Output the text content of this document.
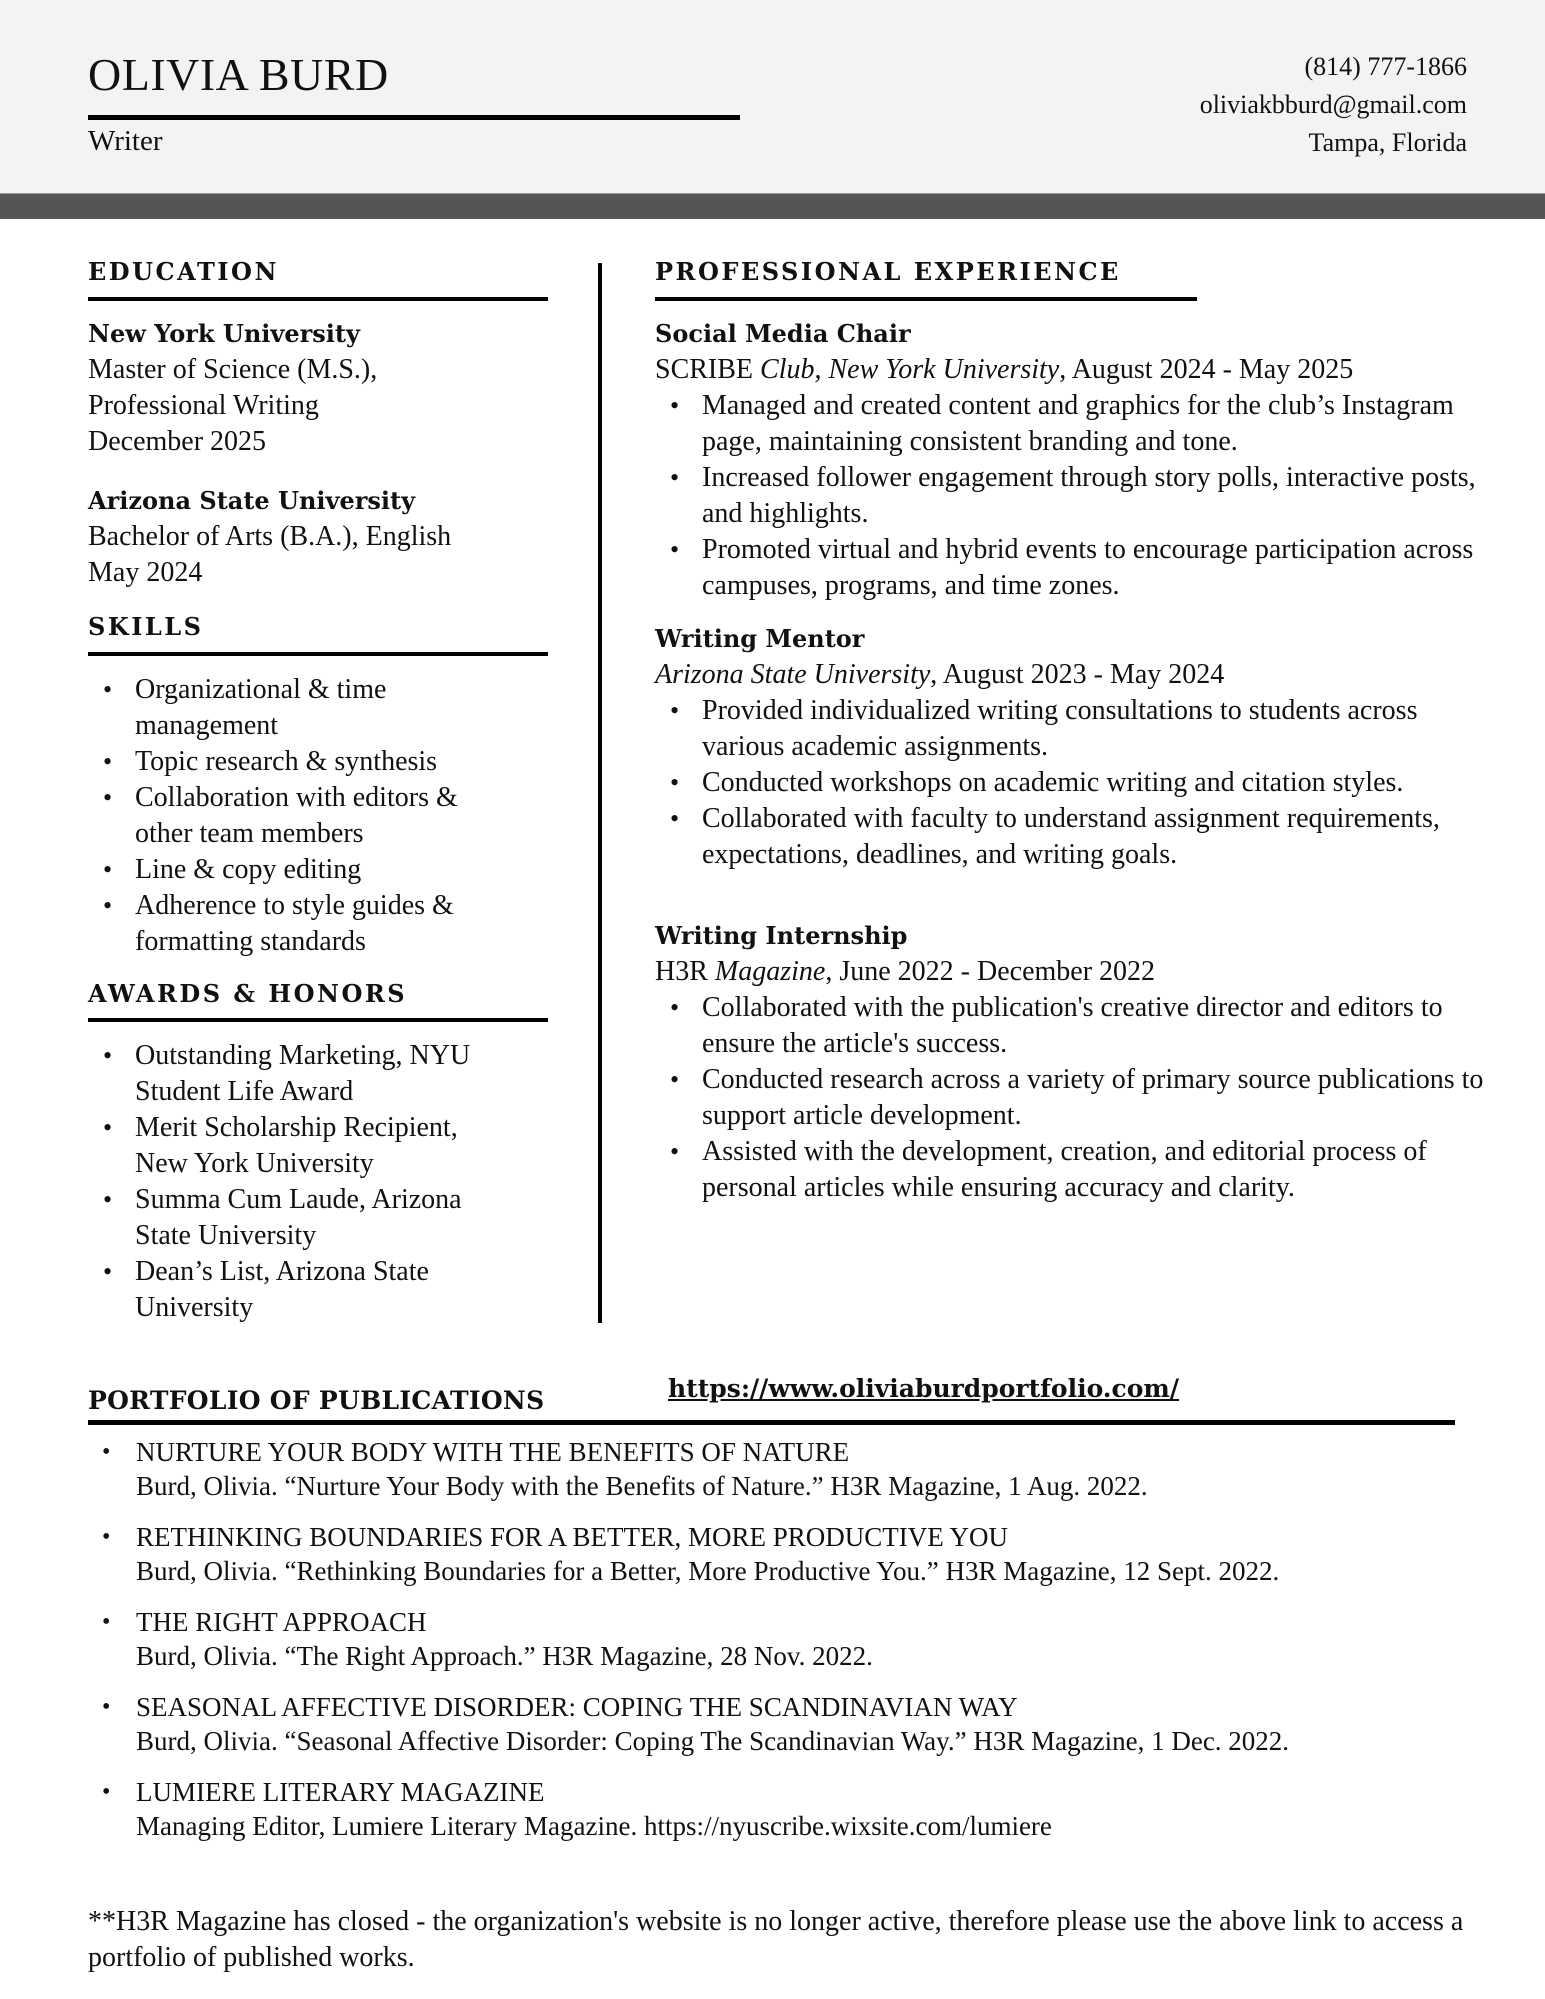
OLIVIA BURD
Writer
(814) 777-1866
oliviakbburd@gmail.com
Tampa, Florida
EDUCATION
New York University
Master of Science (M.S.),
Professional Writing
December 2025
Arizona State University
Bachelor of Arts (B.A.), English
May 2024
SKILLS
• Organizational & time management
• Topic research & synthesis
• Collaboration with editors & other team members
• Line & copy editing
• Adherence to style guides & formatting standards
AWARDS & HONORS
• Outstanding Marketing, NYU Student Life Award
• Merit Scholarship Recipient, New York University
• Summa Cum Laude, Arizona State University
• Dean’s List, Arizona State University
PROFESSIONAL EXPERIENCE
Social Media Chair
SCRIBE Club, New York University, August 2024 - May 2025
• Managed and created content and graphics for the club’s Instagram page, maintaining consistent branding and tone.
• Increased follower engagement through story polls, interactive posts, and highlights.
• Promoted virtual and hybrid events to encourage participation across campuses, programs, and time zones.
Writing Mentor
Arizona State University, August 2023 - May 2024
• Provided individualized writing consultations to students across various academic assignments.
• Conducted workshops on academic writing and citation styles.
• Collaborated with faculty to understand assignment requirements, expectations, deadlines, and writing goals.
Writing Internship
H3R Magazine, June 2022 - December 2022
• Collaborated with the publication's creative director and editors to ensure the article's success.
• Conducted research across a variety of primary source publications to support article development.
• Assisted with the development, creation, and editorial process of personal articles while ensuring accuracy and clarity.
PORTFOLIO OF PUBLICATIONS	https://www.oliviaburdportfolio.com/
• NURTURE YOUR BODY WITH THE BENEFITS OF NATURE
Burd, Olivia. “Nurture Your Body with the Benefits of Nature.” H3R Magazine, 1 Aug. 2022.
• RETHINKING BOUNDARIES FOR A BETTER, MORE PRODUCTIVE YOU
Burd, Olivia. “Rethinking Boundaries for a Better, More Productive You.” H3R Magazine, 12 Sept. 2022.
• THE RIGHT APPROACH
Burd, Olivia. “The Right Approach.” H3R Magazine, 28 Nov. 2022.
• SEASONAL AFFECTIVE DISORDER: COPING THE SCANDINAVIAN WAY
Burd, Olivia. “Seasonal Affective Disorder: Coping The Scandinavian Way.” H3R Magazine, 1 Dec. 2022.
• LUMIERE LITERARY MAGAZINE
Managing Editor, Lumiere Literary Magazine. https://nyuscribe.wixsite.com/lumiere
**H3R Magazine has closed - the organization's website is no longer active, therefore please use the above link to access a portfolio of published works.
